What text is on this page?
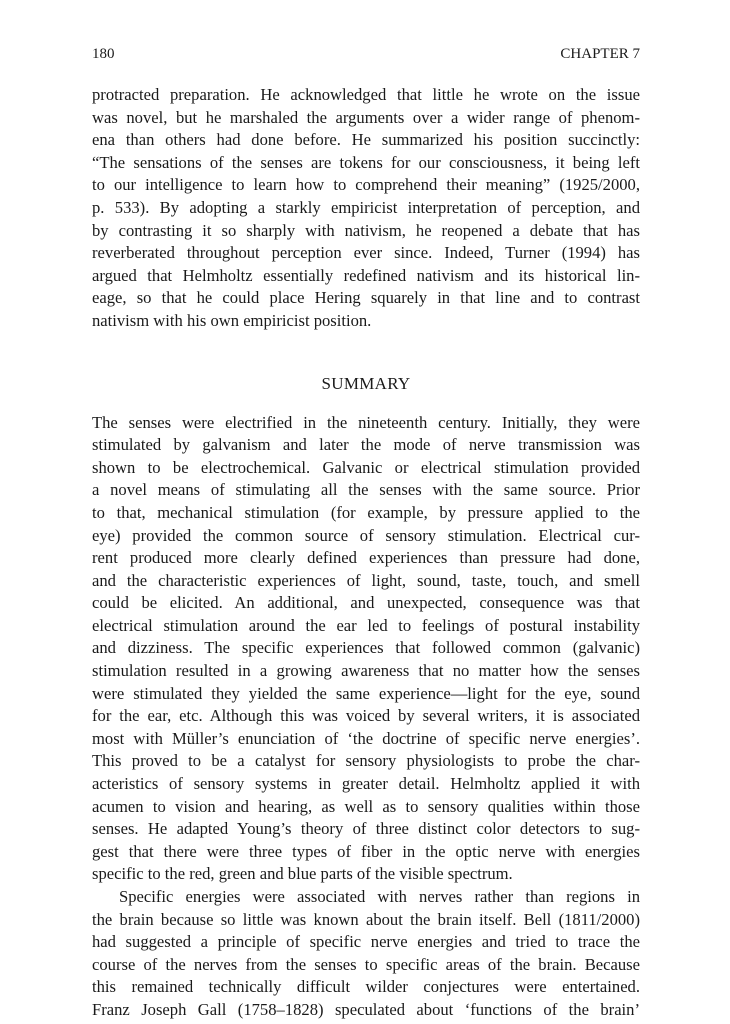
180	CHAPTER 7
protracted preparation. He acknowledged that little he wrote on the issue
was novel, but he marshaled the arguments over a wider range of phenom-
ena than others had done before. He summarized his position succinctly:
“The sensations of the senses are tokens for our consciousness, it being left
to our intelligence to learn how to comprehend their meaning” (1925/2000,
p. 533). By adopting a starkly empiricist interpretation of perception, and
by contrasting it so sharply with nativism, he reopened a debate that has
reverberated throughout perception ever since. Indeed, Turner (1994) has
argued that Helmholtz essentially redefined nativism and its historical lin-
eage, so that he could place Hering squarely in that line and to contrast
nativism with his own empiricist position.
SUMMARY
The senses were electrified in the nineteenth century. Initially, they were
stimulated by galvanism and later the mode of nerve transmission was
shown to be electrochemical. Galvanic or electrical stimulation provided
a novel means of stimulating all the senses with the same source. Prior
to that, mechanical stimulation (for example, by pressure applied to the
eye) provided the common source of sensory stimulation. Electrical cur-
rent produced more clearly defined experiences than pressure had done,
and the characteristic experiences of light, sound, taste, touch, and smell
could be elicited. An additional, and unexpected, consequence was that
electrical stimulation around the ear led to feelings of postural instability
and dizziness. The specific experiences that followed common (galvanic)
stimulation resulted in a growing awareness that no matter how the senses
were stimulated they yielded the same experience—light for the eye, sound
for the ear, etc. Although this was voiced by several writers, it is associated
most with Müller’s enunciation of ‘the doctrine of specific nerve energies’.
This proved to be a catalyst for sensory physiologists to probe the char-
acteristics of sensory systems in greater detail. Helmholtz applied it with
acumen to vision and hearing, as well as to sensory qualities within those
senses. He adapted Young’s theory of three distinct color detectors to sug-
gest that there were three types of fiber in the optic nerve with energies
specific to the red, green and blue parts of the visible spectrum.
Specific energies were associated with nerves rather than regions in
the brain because so little was known about the brain itself. Bell (1811/2000)
had suggested a principle of specific nerve energies and tried to trace the
course of the nerves from the senses to specific areas of the brain. Because
this remained technically difficult wilder conjectures were entertained.
Franz Joseph Gall (1758–1828) speculated about ‘functions of the brain’
